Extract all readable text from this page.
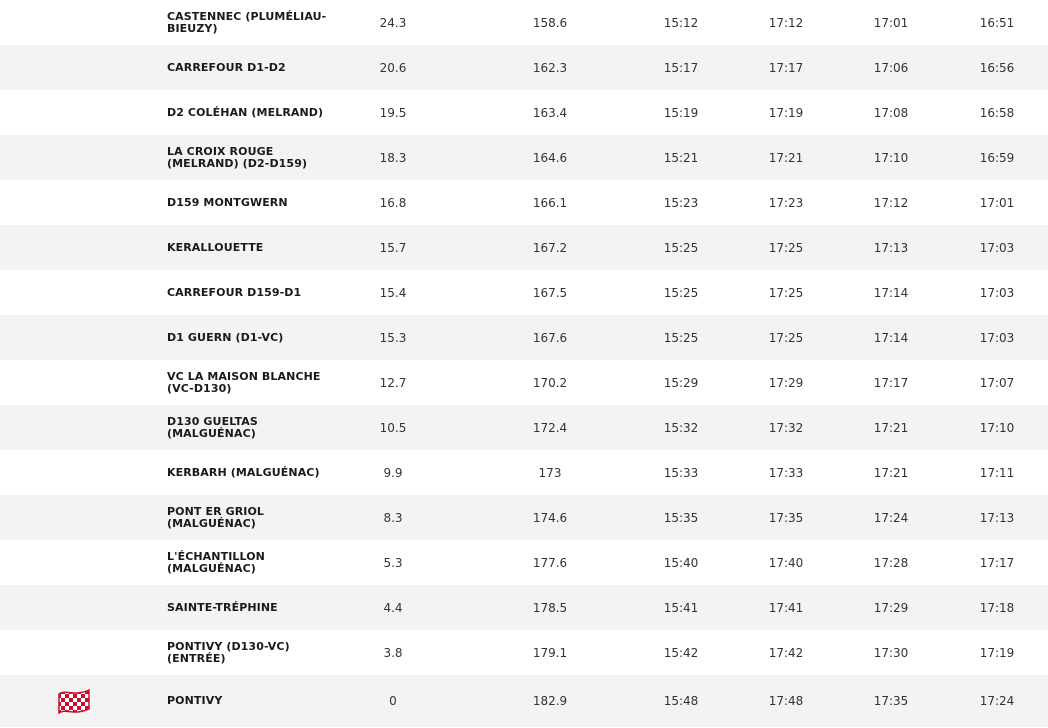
CASTENNEC (PLUMÉLIAU-BIEUZY)	24.3	158.6	15:12	17:12	17:01	16:51
CARREFOUR D1-D2	20.6	162.3	15:17	17:17	17:06	16:56
D2 COLÉHAN (MELRAND)	19.5	163.4	15:19	17:19	17:08	16:58
LA CROIX ROUGE (MELRAND) (D2-D159)	18.3	164.6	15:21	17:21	17:10	16:59
D159 MONTGWERN	16.8	166.1	15:23	17:23	17:12	17:01
KERALLOUETTE	15.7	167.2	15:25	17:25	17:13	17:03
CARREFOUR D159-D1	15.4	167.5	15:25	17:25	17:14	17:03
D1 GUERN (D1-VC)	15.3	167.6	15:25	17:25	17:14	17:03
VC LA MAISON BLANCHE (VC-D130)	12.7	170.2	15:29	17:29	17:17	17:07
D130 GUELTAS (MALGUÉNAC)	10.5	172.4	15:32	17:32	17:21	17:10
KERBARH (MALGUÉNAC)	9.9	173	15:33	17:33	17:21	17:11
PONT ER GRIOL (MALGUÉNAC)	8.3	174.6	15:35	17:35	17:24	17:13
L'ÉCHANTILLON (MALGUÉNAC)	5.3	177.6	15:40	17:40	17:28	17:17
SAINTE-TRÉPHINE	4.4	178.5	15:41	17:41	17:29	17:18
PONTIVY (D130-VC) (ENTRÉE)	3.8	179.1	15:42	17:42	17:30	17:19
PONTIVY	0	182.9	15:48	17:48	17:35	17:24
